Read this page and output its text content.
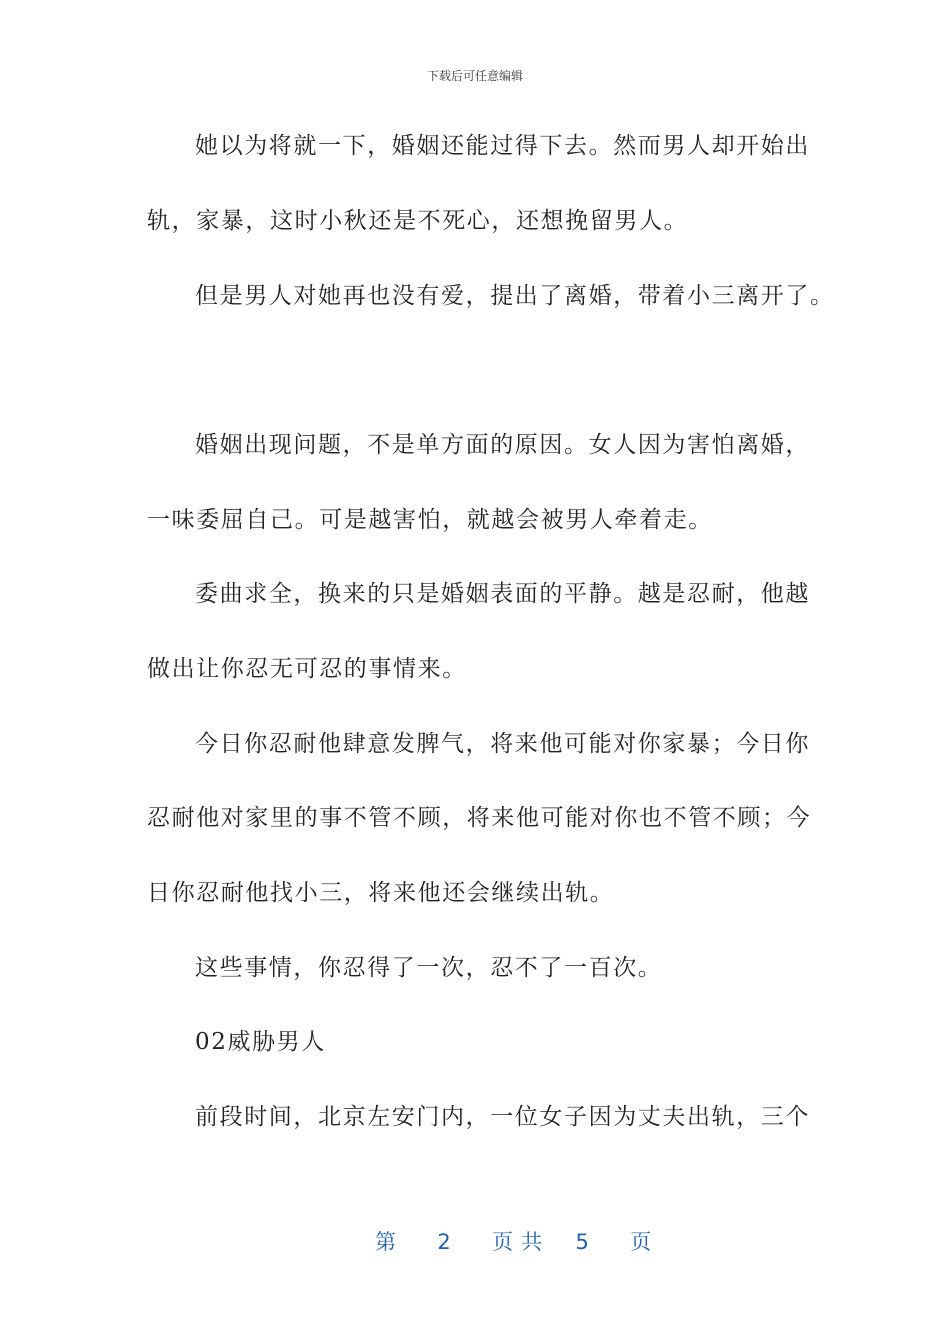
下载后可任意编辑
她以为将就一下，婚姻还能过得下去。然而男人却开始出
轨，家暴，这时小秋还是不死心，还想挽留男人。
但是男人对她再也没有爱，提出了离婚，带着小三离开了。
婚姻出现问题，不是单方面的原因。女人因为害怕离婚，
一味委屈自己。可是越害怕，就越会被男人牵着走。
委曲求全，换来的只是婚姻表面的平静。越是忍耐，他越
做出让你忍无可忍的事情来。
今日你忍耐他肆意发脾气，将来他可能对你家暴；今日你
忍耐他对家里的事不管不顾，将来他可能对你也不管不顾；今
日你忍耐他找小三，将来他还会继续出轨。
这些事情，你忍得了一次，忍不了一百次。
02威胁男人
前段时间，北京左安门内，一位女子因为丈夫出轨，三个
第 2 页共 5 页
